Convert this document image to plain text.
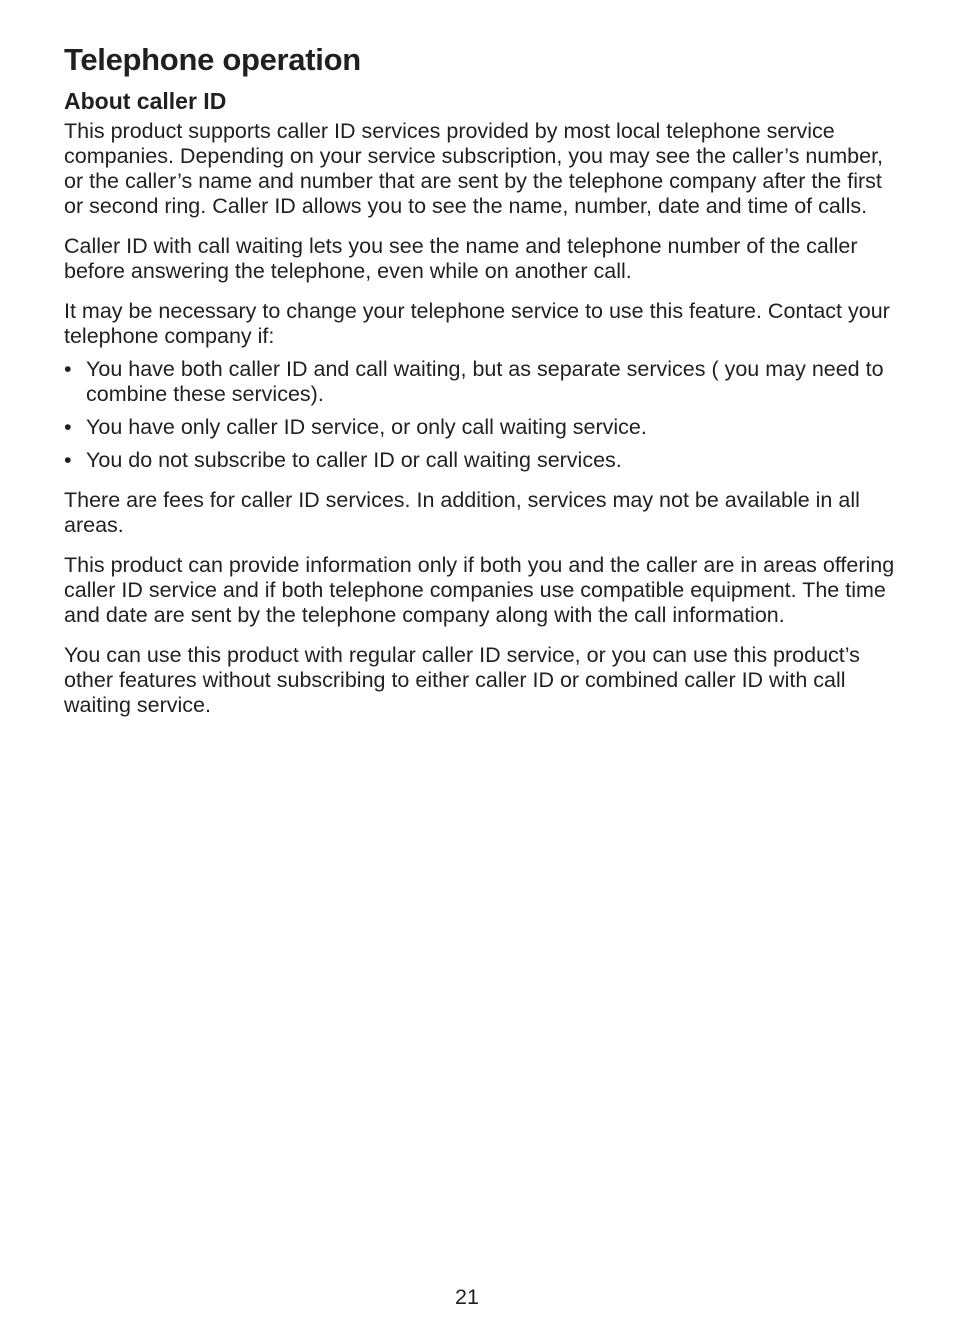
Telephone operation
About caller ID

This product supports caller ID services provided by most local telephone service companies. Depending on your service subscription, you may see the caller’s number, or the caller’s name and number that are sent by the telephone company after the first or second ring. Caller ID allows you to see the name, number, date and time of calls.

Caller ID with call waiting lets you see the name and telephone number of the caller before answering the telephone, even while on another call.

It may be necessary to change your telephone service to use this feature. Contact your telephone company if:

• You have both caller ID and call waiting, but as separate services ( you may need to combine these services).
• You have only caller ID service, or only call waiting service.
• You do not subscribe to caller ID or call waiting services.

There are fees for caller ID services. In addition, services may not be available in all areas.

This product can provide information only if both you and the caller are in areas offering caller ID service and if both telephone companies use compatible equipment. The time and date are sent by the telephone company along with the call information.

You can use this product with regular caller ID service, or you can use this product’s other features without subscribing to either caller ID or combined caller ID with call waiting service.

21
